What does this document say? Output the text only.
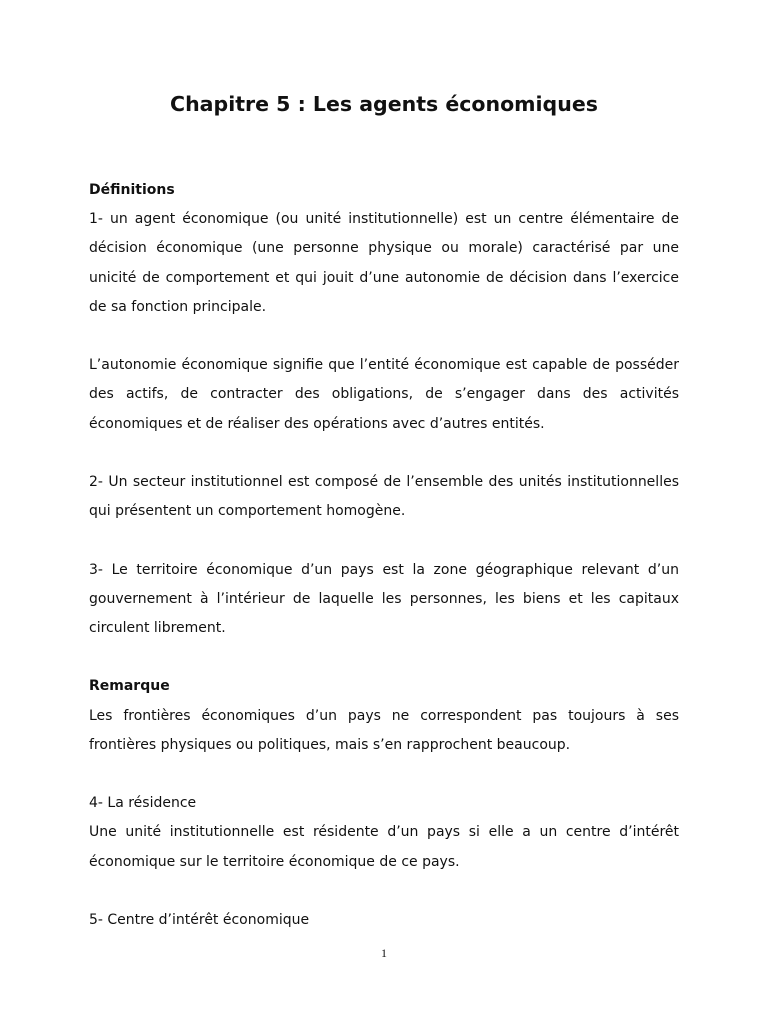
Chapitre 5 : Les agents économiques

Définitions

1- un agent économique (ou unité institutionnelle) est un centre élémentaire de décision économique (une personne physique ou morale) caractérisé par une unicité de comportement et qui jouit d’une autonomie de décision dans l’exercice de sa fonction principale.

L’autonomie économique signifie que l’entité économique est capable de posséder des actifs, de contracter des obligations, de s’engager dans des activités économiques et de réaliser des opérations avec d’autres entités.

2- Un secteur institutionnel est composé de l’ensemble des unités institutionnelles qui présentent un comportement homogène.

3- Le territoire économique d’un pays est la zone géographique relevant d’un gouvernement à l’intérieur de laquelle les personnes, les biens et les capitaux circulent librement.

Remarque

Les frontières économiques d’un pays ne correspondent pas toujours à ses frontières physiques ou politiques, mais s’en rapprochent beaucoup.

4- La résidence

Une unité institutionnelle est résidente d’un pays si elle a un centre d’intérêt économique sur le territoire économique de ce pays.

5- Centre d’intérêt économique

1
